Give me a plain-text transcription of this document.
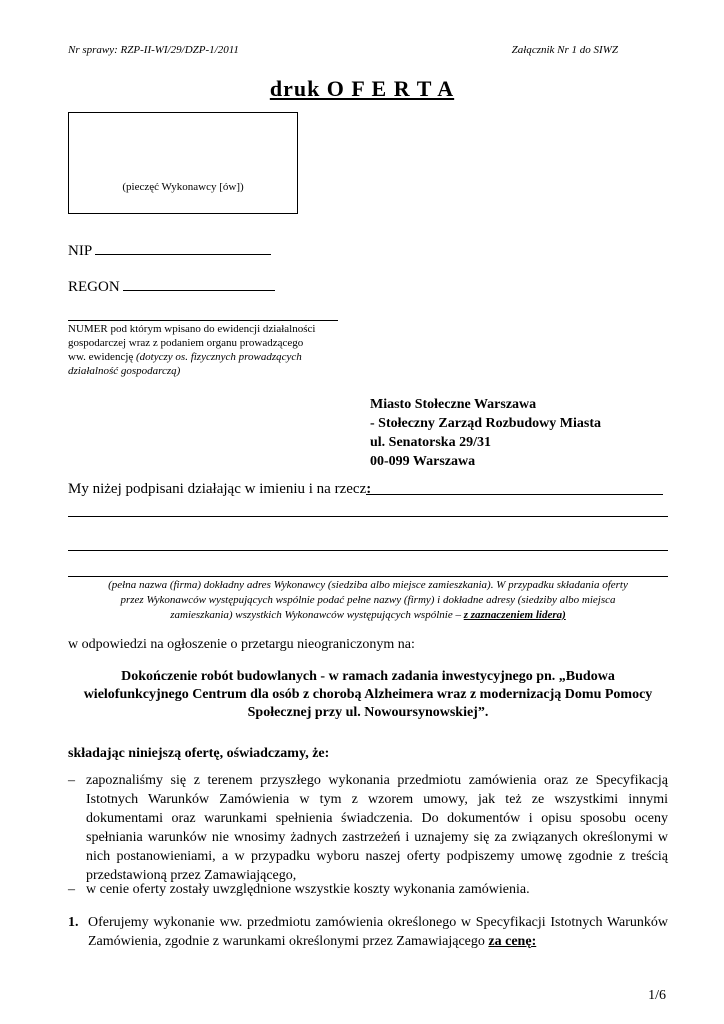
Nr sprawy: RZP-II-WI/29/DZP-1/2011	Załącznik Nr 1 do SIWZ
druk O F E R T A
(pieczęć Wykonawcy [ów])
NIP
REGON
NUMER pod którym wpisano do ewidencji działalności
gospodarczej wraz z podaniem organu prowadzącego
ww. ewidencję (dotyczy os. fizycznych prowadzących
działalność gospodarczą)
Miasto Stołeczne Warszawa
- Stołeczny Zarząd Rozbudowy Miasta
ul. Senatorska 29/31
00-099 Warszawa
My niżej podpisani działając w imieniu i na rzecz:
(pełna nazwa (firma) dokładny adres Wykonawcy (siedziba albo miejsce zamieszkania). W przypadku składania oferty
przez Wykonawców występujących wspólnie podać pełne nazwy (firmy) i dokładne adresy (siedziby albo miejsca
zamieszkania) wszystkich Wykonawców występujących wspólnie – z zaznaczeniem lidera)
w odpowiedzi na ogłoszenie o przetargu nieograniczonym na:
Dokończenie robót budowlanych - w ramach zadania inwestycyjnego pn. „Budowa
wielofunkcyjnego Centrum dla osób z chorobą Alzheimera wraz z modernizacją Domu Pomocy
Społecznej przy ul. Nowoursynowskiej”.
składając niniejszą ofertę, oświadczamy, że:
– zapoznaliśmy się z terenem przyszłego wykonania przedmiotu zamówienia oraz ze Specyfikacją Istotnych Warunków Zamówienia w tym z wzorem umowy, jak też ze wszystkimi innymi dokumentami oraz warunkami spełnienia świadczenia. Do dokumentów i opisu sposobu oceny spełniania warunków nie wnosimy żadnych zastrzeżeń i uznajemy się za związanych określonymi w nich postanowieniami, a w przypadku wyboru naszej oferty podpiszemy umowę zgodnie z treścią przedstawioną przez Zamawiającego,
– w cenie oferty zostały uwzględnione wszystkie koszty wykonania zamówienia.
1. Oferujemy wykonanie ww. przedmiotu zamówienia określonego w Specyfikacji Istotnych Warunków Zamówienia, zgodnie z warunkami określonymi przez Zamawiającego za cenę:
1/6
